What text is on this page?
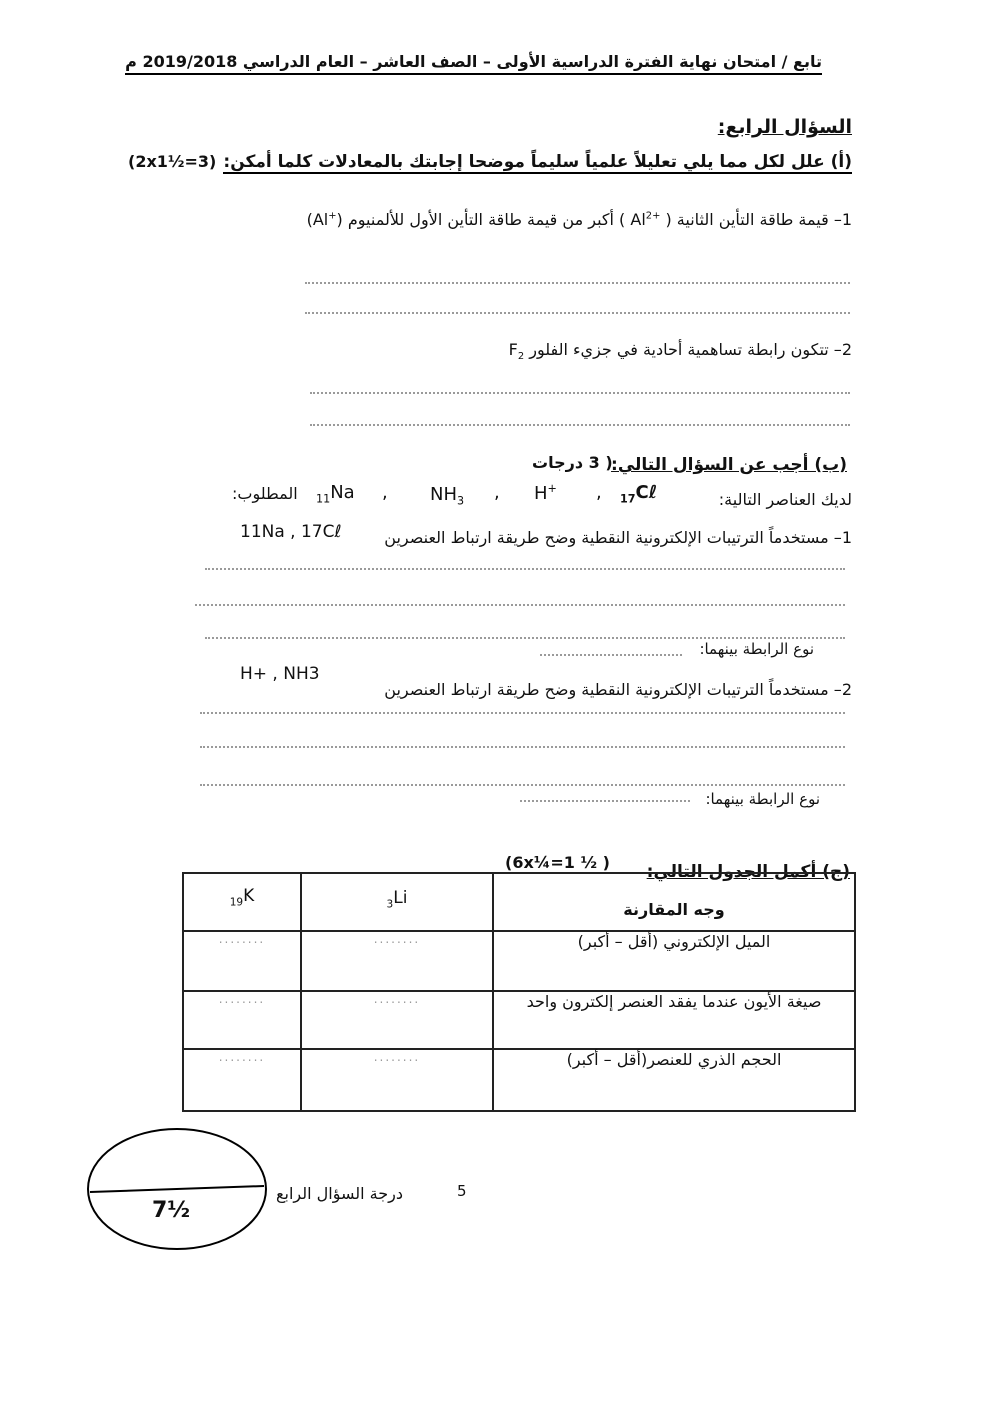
تابع / امتحان نهاية الفترة الدراسية الأولى – الصف العاشر – العام الدراسي 2019/2018 م
السؤال الرابع:
(أ) علل لكل مما يلي تعليلاً علمياً سليماً موضحا إجابتك بالمعادلات كلما أمكن:
(2x1½=3)
1– قيمة طاقة التأين الثانية ( $Al^{2+}$ ) أكبر من قيمة طاقة التأين الأول للألمنيوم (Al+)
2– تتكون رابطة تساهمية أحادية في جزيء الفلور $F_2$
(ب) أجب عن السؤال التالي:
( 3 درجات
لديك العناصر التالية:
المطلوب: $_{11}$Na , $NH_3$ , H+ , $_{17}$Cℓ
1– مستخدماً الترتيبات الإلكترونية النقطية وضح طريقة ارتباط العنصرين
11Na , 17Cℓ
نوع الرابطة بينهما:
2– مستخدماً الترتيبات الإلكترونية النقطية وضح طريقة ارتباط العنصرين
H+ , NH3
نوع الرابطة بينهما:
(ج) أكمل الجدول التالي:
(6x¼=1 ½ )
$_{19}$K	$_3$Li	وجه المقارنة
........	........	الميل الإلكتروني (أقل – أكبر)
........	........	صيغة الأيون عندما يفقد العنصر إلكترون واحد
........	........	الحجم الذري للعنصر(أقل – أكبر)
7½
درجة السؤال الرابع	5
